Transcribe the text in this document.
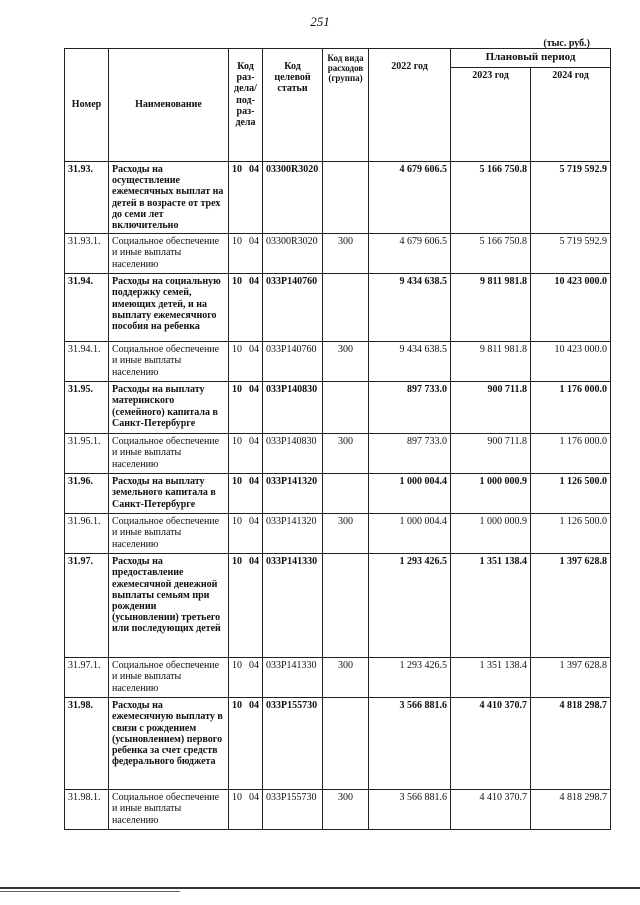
251
(тыс. руб.)
Номер	Наименование	Код раз-дела/ под-раз-дела	Код целевой статьи	Код вида расходов (группа)	2022 год	Плановый период	
						2023 год	2024 год
31.93.	Расходы на осуществление ежемесячных выплат на детей в возрасте от трех до семи лет включительно	10 04	03300R3020		4 679 606.5	5 166 750.8	5 719 592.9
31.93.1.	Социальное обеспечение и иные выплаты населению	10 04	03300R3020	300	4 679 606.5	5 166 750.8	5 719 592.9
31.94.	Расходы на социальную поддержку семей, имеющих детей, и на выплату ежемесячного пособия на ребенка	10 04	033P140760		9 434 638.5	9 811 981.8	10 423 000.0
31.94.1.	Социальное обеспечение и иные выплаты населению	10 04	033P140760	300	9 434 638.5	9 811 981.8	10 423 000.0
31.95.	Расходы на выплату материнского (семейного) капитала в Санкт-Петербурге	10 04	033P140830		897 733.0	900 711.8	1 176 000.0
31.95.1.	Социальное обеспечение и иные выплаты населению	10 04	033P140830	300	897 733.0	900 711.8	1 176 000.0
31.96.	Расходы на выплату земельного капитала в Санкт-Петербурге	10 04	033P141320		1 000 004.4	1 000 000.9	1 126 500.0
31.96.1.	Социальное обеспечение и иные выплаты населению	10 04	033P141320	300	1 000 004.4	1 000 000.9	1 126 500.0
31.97.	Расходы на предоставление ежемесячной денежной выплаты семьям при рождении (усыновлении) третьего или последующих детей	10 04	033P141330		1 293 426.5	1 351 138.4	1 397 628.8
31.97.1.	Социальное обеспечение и иные выплаты населению	10 04	033P141330	300	1 293 426.5	1 351 138.4	1 397 628.8
31.98.	Расходы на ежемесячную выплату в связи с рождением (усыновлением) первого ребенка за счет средств федерального бюджета	10 04	033P155730		3 566 881.6	4 410 370.7	4 818 298.7
31.98.1.	Социальное обеспечение и иные выплаты населению	10 04	033P155730	300	3 566 881.6	4 410 370.7	4 818 298.7
